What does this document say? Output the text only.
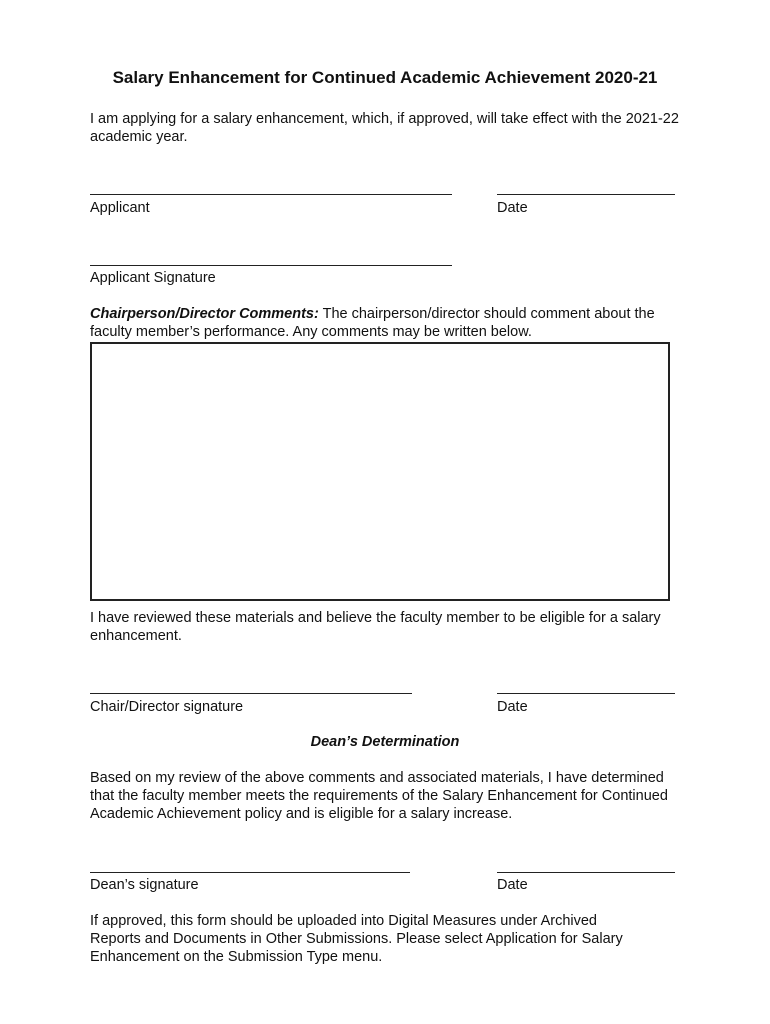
Salary Enhancement for Continued Academic Achievement 2020-21
I am applying for a salary enhancement, which, if approved, will take effect with the 2021-22 academic year.
Applicant	Date
Applicant Signature
Chairperson/Director Comments: The chairperson/director should comment about the faculty member’s performance. Any comments may be written below.
I have reviewed these materials and believe the faculty member to be eligible for a salary enhancement.
Chair/Director signature	Date
Dean’s Determination
Based on my review of the above comments and associated materials, I have determined that the faculty member meets the requirements of the Salary Enhancement for Continued Academic Achievement policy and is eligible for a salary increase.
Dean’s signature	Date
If approved, this form should be uploaded into Digital Measures under Archived Reports and Documents in Other Submissions. Please select Application for Salary Enhancement on the Submission Type menu.
